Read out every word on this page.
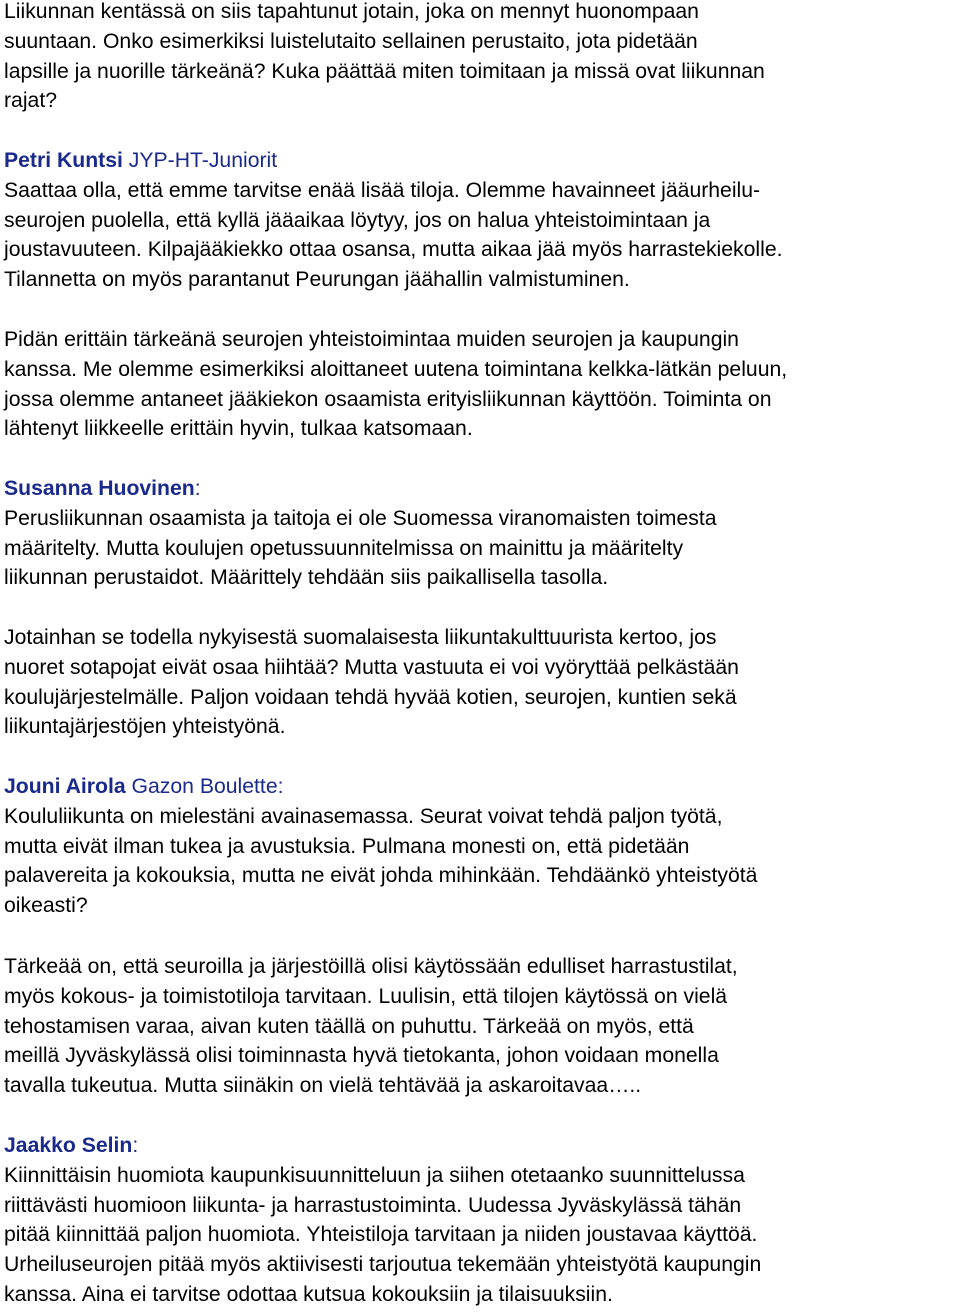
Liikunnan kentässä on siis tapahtunut jotain, joka on mennyt huonompaan
suuntaan. Onko esimerkiksi luistelutaito sellainen perustaito, jota pidetään
lapsille ja nuorille tärkeänä? Kuka päättää miten toimitaan ja missä ovat liikunnan
rajat?
Petri Kuntsi JYP-HT-Juniorit
Saattaa olla, että emme tarvitse enää lisää tiloja. Olemme havainneet jääurheilu-
seurojen puolella, että kyllä jääaikaa löytyy, jos on halua yhteistoimintaan ja
joustavuuteen. Kilpajääkiekko ottaa osansa, mutta aikaa jää myös harrastekiekolle.
Tilannetta on myös parantanut Peurungan jäähallin valmistuminen.
Pidän erittäin tärkeänä seurojen yhteistoimintaa muiden seurojen ja kaupungin
kanssa. Me olemme esimerkiksi aloittaneet uutena toimintana kelkka-lätkän peluun,
jossa olemme antaneet jääkiekon osaamista erityisliikunnan käyttöön. Toiminta on
lähtenyt liikkeelle erittäin hyvin, tulkaa katsomaan.
Susanna Huovinen:
Perusliikunnan osaamista ja taitoja ei ole Suomessa viranomaisten toimesta
määritelty. Mutta koulujen opetussuunnitelmissa on mainittu ja määritelty
liikunnan perustaidot. Määrittely tehdään siis paikallisella tasolla.
Jotainhan se todella nykyisestä suomalaisesta liikuntakulttuurista kertoo, jos
nuoret sotapojat eivät osaa hiihtää? Mutta vastuuta ei voi vyöryttää pelkästään
koulujärjestelmälle. Paljon voidaan tehdä hyvää kotien, seurojen, kuntien sekä
liikuntajärjestöjen yhteistyönä.
Jouni Airola Gazon Boulette:
Koululiikunta on mielestäni avainasemassa. Seurat voivat tehdä paljon työtä,
mutta eivät ilman tukea ja avustuksia. Pulmana monesti on, että pidetään
palavereita ja kokouksia, mutta ne eivät johda mihinkään. Tehdäänkö yhteistyötä
oikeasti?
Tärkeää on, että seuroilla ja järjestöillä olisi käytössään edulliset harrastustilat,
myös kokous- ja toimistotiloja tarvitaan. Luulisin, että tilojen käytössä on vielä
tehostamisen varaa, aivan kuten täällä on puhuttu. Tärkeää on myös, että
meillä Jyväskylässä olisi toiminnasta hyvä tietokanta, johon voidaan monella
tavalla tukeutua. Mutta siinäkin on vielä tehtävää ja askaroitavaa…..
Jaakko Selin:
Kiinnittäisin huomiota kaupunkisuunnitteluun ja siihen otetaanko suunnittelussa
riittävästi huomioon liikunta- ja harrastustoiminta. Uudessa Jyväskylässä tähän
pitää kiinnittää paljon huomiota. Yhteistiloja tarvitaan ja niiden joustavaa käyttöä.
Urheiluseurojen pitää myös aktiivisesti tarjoutua tekemään yhteistyötä kaupungin
kanssa. Aina ei tarvitse odottaa kutsua kokouksiin ja tilaisuuksiin.
